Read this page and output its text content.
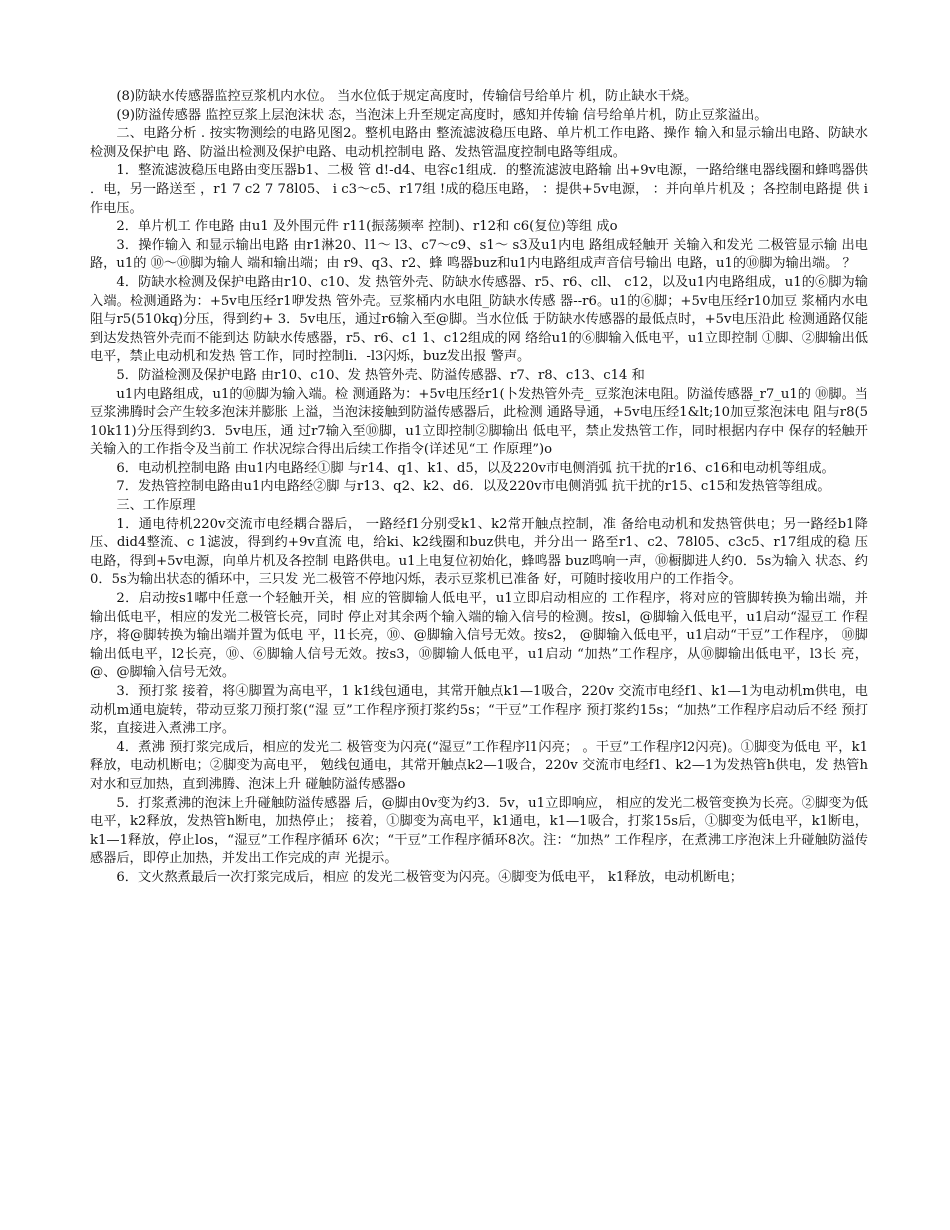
(8)防缺水传感器监控豆浆机内水位。 当水位低于规定高度时，传输信号给单片 机，防止缺水干烧。

(9)防溢传感器 监控豆浆上层泡沫状 态，当泡沫上升至规定高度时，感知并传输 信号给单片机，防止豆浆溢出。

二、电路分析 . 按实物测绘的电路见图2。整机电路由 整流滤波稳压电路、单片机工作电路、操作 输入和显示输出电路、防缺水检测及保护电 路、防溢出检测及保护电路、电动机控制电 路、发热管温度控制电路等组成。

1．整流滤波稳压电路由变压器b1、二极 管 d!-d4、电容c1组成．的整流滤波电路输 出+9v电源，一路给继电器线圈和蜂鸣器供 ．电，另一路送至 ，r1 7 c2 7 78l05、 i c3～c5、r17组 !成的稳压电路， ：提供+5v电源， ：并向单片机及 ；各控制电路提 供 i 作电压。

2．单片机工 作电路 由u1 及外围元件 r11(振荡频率 控制)、r12和 c6(复位)等组 成o

3．操作输入 和显示输出电路 由r1淋20、l1～ l3、c7～c9、s1～ s3及u1内电 路组成轻触开 关输入和发光 二极管显示输 出电路，u1的 ⑩～⑩脚为输人 端和输出端；由 r9、q3、r2、蜂 鸣器buz和u1内电路组成声音信号输出 电路，u1的⑩脚为输出端。 ？

4．防缺水检测及保护电路由r10、c10、发 热管外壳、防缺水传感器、r5、r6、cll、 c12，以及u1内电路组成，u1的⑥脚为输 入端。检测通路为：+5v电压经r1咿发热 管外壳。豆浆桶内水电阻_防缺水传感 器--r6。u1的⑥脚；+5v电压经r10加豆 浆桶内水电阻与r5(510kq)分压，得到约+ 3．5v电压，通过r6输入至@脚。当水位低 于防缺水传感器的最低点时，+5v电压沿此 检测通路仅能到达发热管外壳而不能到达 防缺水传感器，r5、r6、c1 1、c12组成的网 络给u1的⑥脚输入低电平，u1立即控制 ①脚、②脚输出低电平，禁止电动机和发热 管工作，同时控制li．-l3闪烁，buz发出报 警声。

5．防溢检测及保护电路 由r10、c10、发 热管外壳、防溢传感器、r7、r8、c13、c14 和

u1内电路组成，u1的⑩脚为输入端。检 测通路为：+5v电压经r1(卜发热管外壳_ 豆浆泡沫电阻。防溢传感器_r7_u1的 ⑩脚。当豆浆沸腾时会产生较多泡沫并膨胀 上溢，当泡沫接触到防溢传感器后，此检测 通路导通，+5v电压经1&lt;10加豆浆泡沫电 阻与r8(510k11)分压得到约3．5v电压，通 过r7输入至⑩脚，u1立即控制②脚输出 低电平，禁止发热管工作，同时根据内存中 保存的轻触开关输入的工作指令及当前工 作状况综合得出后续工作指令(详述见“工 作原理”)o

6．电动机控制电路 由u1内电路经①脚 与r14、q1、k1、d5，以及220v市电侧消弧 抗干扰的r16、c16和电动机等组成。

7．发热管控制电路由u1内电路经②脚 与r13、q2、k2、d6．以及220v市电侧消弧 抗干扰的r15、c15和发热管等组成。

三、工作原理

1．通电待机220v交流市电经耦合器后， 一路经f1分别受k1、k2常开触点控制，准 备给电动机和发热管供电；另一路经b1降 压、did4整流、c 1滤波，得到约+9v直流 电，给ki、k2线圈和buz供电，并分出一 路至r1、c2、78l05、c3c5、r17组成的稳 压电路，得到+5v电源，向单片机及各控制 电路供电。u1上电复位初始化，蜂鸣器 buz鸣响一声，⑩橱脚进人约0．5s为输入 状态、约0．5s为输出状态的循环中，三只发 光二极管不停地闪烁，表示豆浆机已准备 好，可随时接收用户的工作指令。

2．启动按s1嘟中任意一个轻触开关，相 应的管脚输人低电平，u1立即启动相应的 工作程序，将对应的管脚转换为输出端，并 输出低电平，相应的发光二极管长亮，同时 停止对其余两个输入端的输入信号的检测。按sl，@脚输入低电平，u1启动“湿豆工 作程序，将@脚转换为输出端并置为低电 平，l1长亮，⑩、@脚输入信号无效。按s2， @脚输入低电平，u1启动“干豆”工作程序， ⑩脚输出低电平，l2长亮，⑩、⑥脚输人信号无效。按s3，⑩脚输人低电平，u1启动 “加热”工作程序，从⑩脚输出低电平，l3长 亮，@、@脚输入信号无效。

3．预打浆 接着，将④脚置为高电平，1 k1线包通电，其常开触点k1—1吸合，220v 交流市电经f1、k1—1为电动机m供电，电 动机m通电旋转，带动豆浆刀预打浆(“湿 豆”工作程序预打浆约5s；“干豆”工作程序 预打浆约15s；“加热”工作程序启动后不经 预打浆，直接进入煮沸工序。

4．煮沸 预打浆完成后，相应的发光二 极管变为闪亮(“湿豆”工作程序l1闪亮； 。干豆”工作程序l2闪亮)。①脚变为低电 平，k1释放，电动机断电；②脚变为高电平， 勉线包通电，其常开触点k2—1吸合，220v 交流市电经f1、k2—1为发热管h供电，发 热管h对水和豆加热，直到沸腾、泡沫上升 碰触防溢传感器o

5．打浆煮沸的泡沫上升碰触防溢传感器 后，@脚由0v变为约3．5v，u1立即响应， 相应的发光二极管变换为长亮。②脚变为低 电平，k2释放，发热管h断电，加热停止； 接着，①脚变为高电平，k1通电，k1—1吸合，打浆15s后，①脚变为低电平，k1断电， k1—1释放，停止los，“湿豆”工作程序循环 6次；“干豆”工作程序循环8次。注：“加热” 工作程序，在煮沸工序泡沫上升碰触防溢传 感器后，即停止加热，并发出工作完成的声 光提示。

6．文火熬煮最后一次打浆完成后，相应 的发光二极管变为闪亮。④脚变为低电平， k1释放，电动机断电；
